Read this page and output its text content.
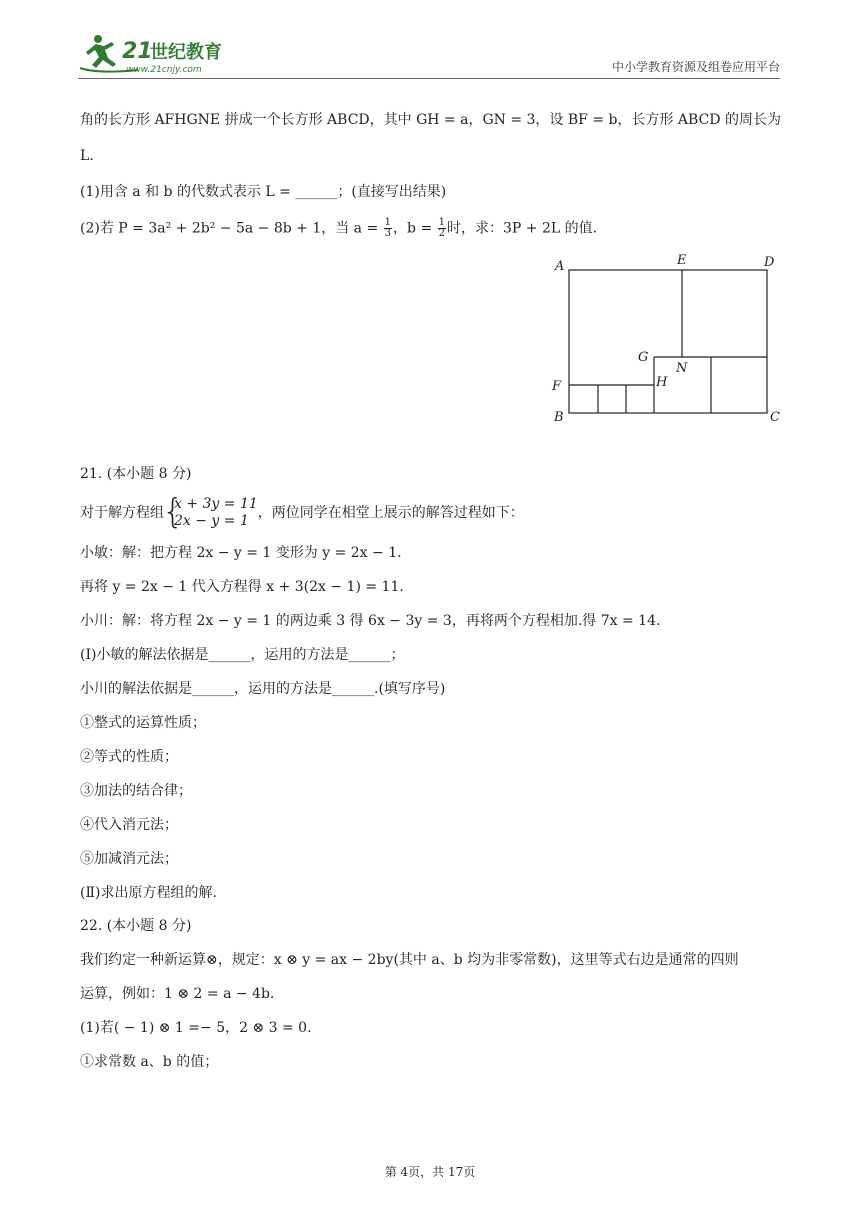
21
世纪教育
www.21cnjy.com	中小学教育资源及组卷应用平台
角的长方形 AFHGNE 拼成一个长方形 ABCD，其中 GH = a，GN = 3，设 BF = b，长方形 ABCD 的周长为
L.
(1)用含 a 和 b 的代数式表示 L = ______；(直接写出结果)
(2)若 P = 3a² + 2b² − 5a − 8b + 1，当 $a = \frac{1}{3}$ ，$b = \frac{1}{2}$ 时，求：3P + 2L 的值.
A	E	D
G
N
H
F
B	C
21. (本小题 8 分)
对于解方程组
{ x + 3y = 11
2x − y = 1 ，两位同学在相堂上展示的解答过程如下：
小敏：解：把方程 2x − y = 1 变形为 y = 2x − 1.
再将 y = 2x − 1 代入方程得 x + 3(2x − 1) = 11.
小川：解：将方程 2x − y = 1 的两边乘 3 得 6x − 3y = 3，再将两个方程相加.得 7x = 14.
(Ⅰ)小敏的解法依据是______，运用的方法是______；
小川的解法依据是______，运用的方法是______.(填写序号)
①整式的运算性质；
②等式的性质；
③加法的结合律；
④代入消元法；
⑤加减消元法；
(Ⅱ)求出原方程组的解.
22. (本小题 8 分)
我们约定一种新运算⊗，规定：x ⊗ y = ax − 2by(其中 a、b 均为非零常数)，这里等式右边是通常的四则
运算，例如：1 ⊗ 2 = a − 4b.
(1)若( − 1) ⊗ 1 =− 5，2 ⊗ 3 = 0.
①求常数 a、b 的值；
第 4页，共 17页
